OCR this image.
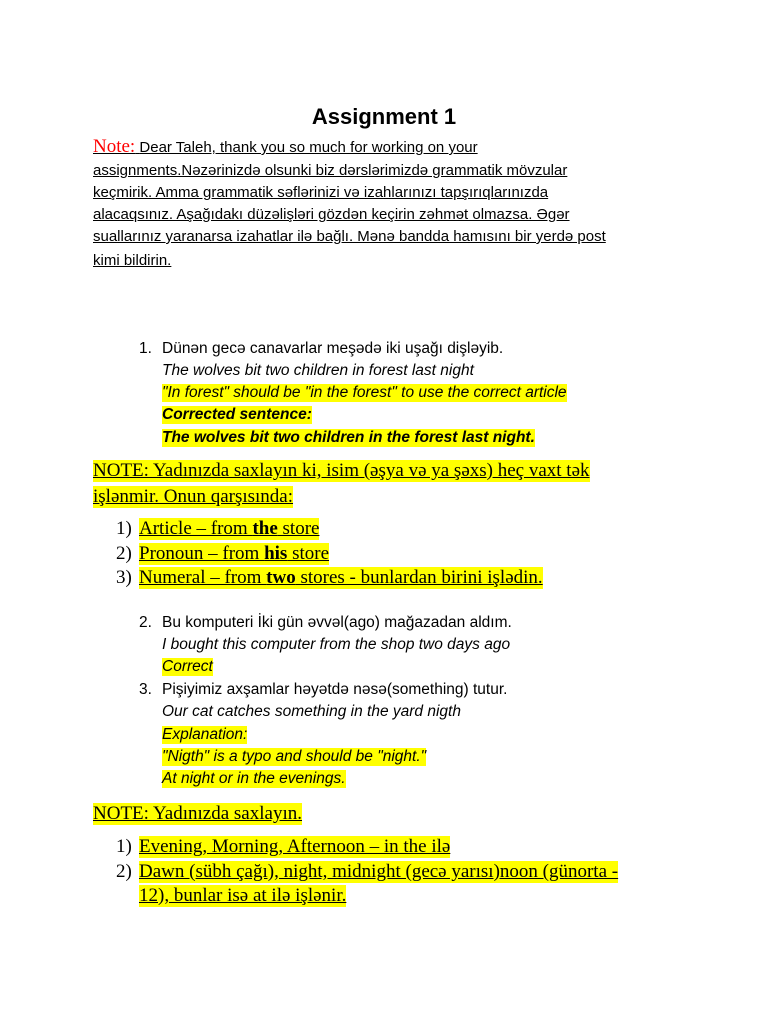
Assignment 1
Note: Dear Taleh, thank you so much for working on your
assignments.Nəzərinizdə olsunki biz dərslərimizdə grammatik mövzular
keçmirik. Amma grammatik səflərinizi və izahlarınızı tapşırıqlarınızda
alacaqsınız. Aşağıdakı düzəlişləri gözdən keçirin zəhmət olmazsa. Əgər
suallarınız yaranarsa izahatlar ilə bağlı. Mənə bandda hamısını bir yerdə post
kimi bildirin.
1. Dünən gecə canavarlar meşədə iki uşağı dişləyib.
The wolves bit two children in forest last night
"In forest" should be "in the forest" to use the correct article
Corrected sentence:
The wolves bit two children in the forest last night.
NOTE: Yadınızda saxlayın ki, isim (əşya və ya şəxs) heç vaxt tək
işlənmir. Onun qarşısında:
1) Article – from the store
2) Pronoun – from his store
3) Numeral – from two stores - bunlardan birini işlədin.
2. Bu komputeri İki gün əvvəl(ago) mağazadan aldım.
I bought this computer from the shop two days ago
Correct
3. Pişiyimiz axşamlar həyətdə nəsə(something) tutur.
Our cat catches something in the yard nigth
Explanation:
"Nigth" is a typo and should be "night."
At night or in the evenings.
NOTE: Yadınızda saxlayın.
1) Evening, Morning, Afternoon – in the ilə
2) Dawn (sübh çağı), night, midnight (gecə yarısı)noon (günorta -
12), bunlar isə at ilə işlənir.
